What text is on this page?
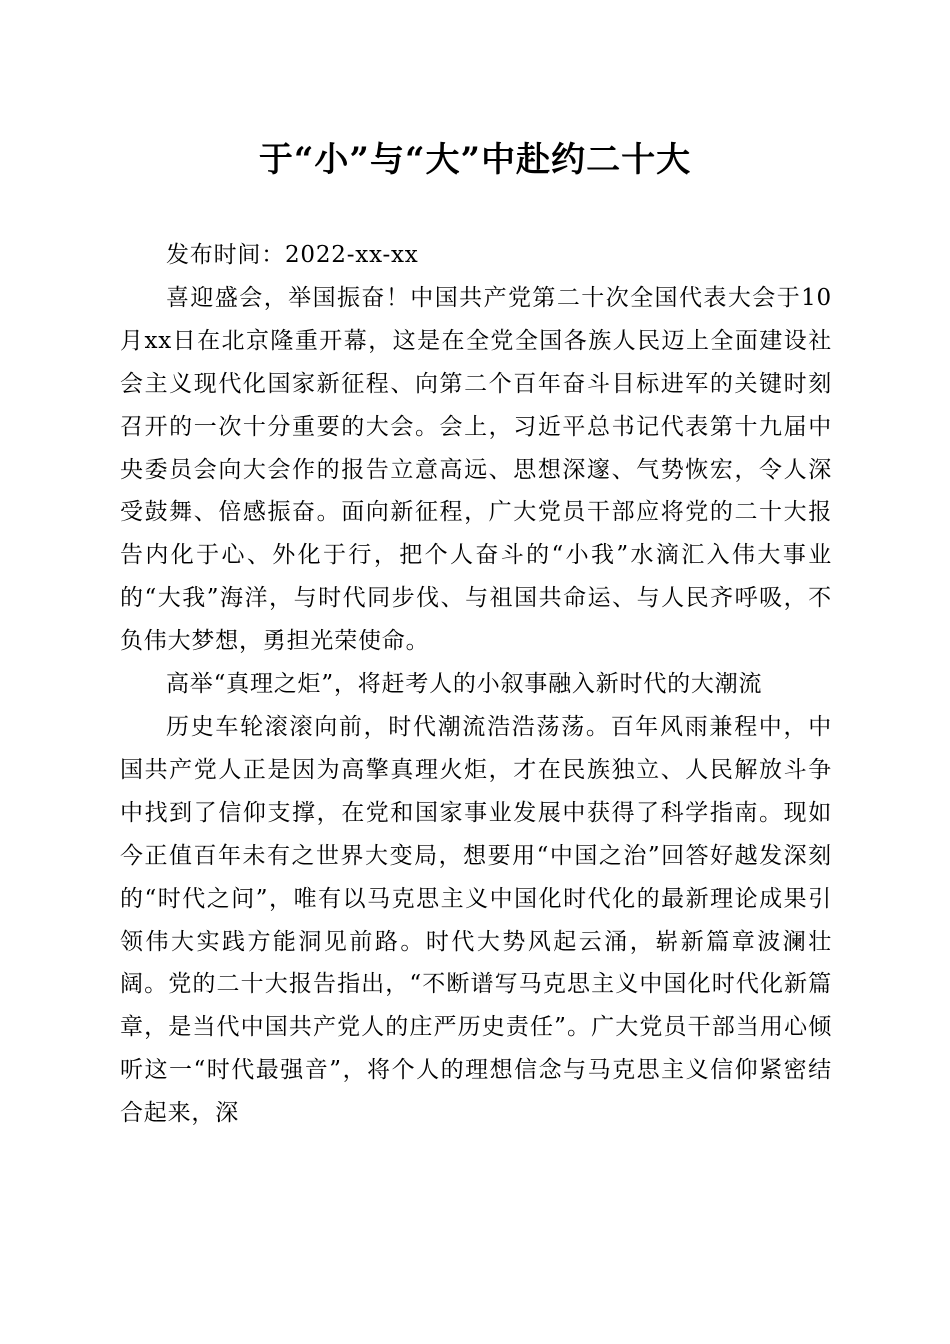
于“小”与“大”中赴约二十大

发布时间：2022-xx-xx

喜迎盛会，举国振奋！中国共产党第二十次全国代表大会于10月xx日在北京隆重开幕，这是在全党全国各族人民迈上全面建设社会主义现代化国家新征程、向第二个百年奋斗目标进军的关键时刻召开的一次十分重要的大会。会上，习近平总书记代表第十九届中央委员会向大会作的报告立意高远、思想深邃、气势恢宏，令人深受鼓舞、倍感振奋。面向新征程，广大党员干部应将党的二十大报告内化于心、外化于行，把个人奋斗的“小我”水滴汇入伟大事业的“大我”海洋，与时代同步伐、与祖国共命运、与人民齐呼吸，不负伟大梦想，勇担光荣使命。

高举“真理之炬”，将赶考人的小叙事融入新时代的大潮流

历史车轮滚滚向前，时代潮流浩浩荡荡。百年风雨兼程中，中国共产党人正是因为高擎真理火炬，才在民族独立、人民解放斗争中找到了信仰支撑，在党和国家事业发展中获得了科学指南。现如今正值百年未有之世界大变局，想要用“中国之治”回答好越发深刻的“时代之问”，唯有以马克思主义中国化时代化的最新理论成果引领伟大实践方能洞见前路。时代大势风起云涌，崭新篇章波澜壮阔。党的二十大报告指出，“不断谱写马克思主义中国化时代化新篇章，是当代中国共产党人的庄严历史责任”。广大党员干部当用心倾听这一“时代最强音”，将个人的理想信念与马克思主义信仰紧密结合起来，深
